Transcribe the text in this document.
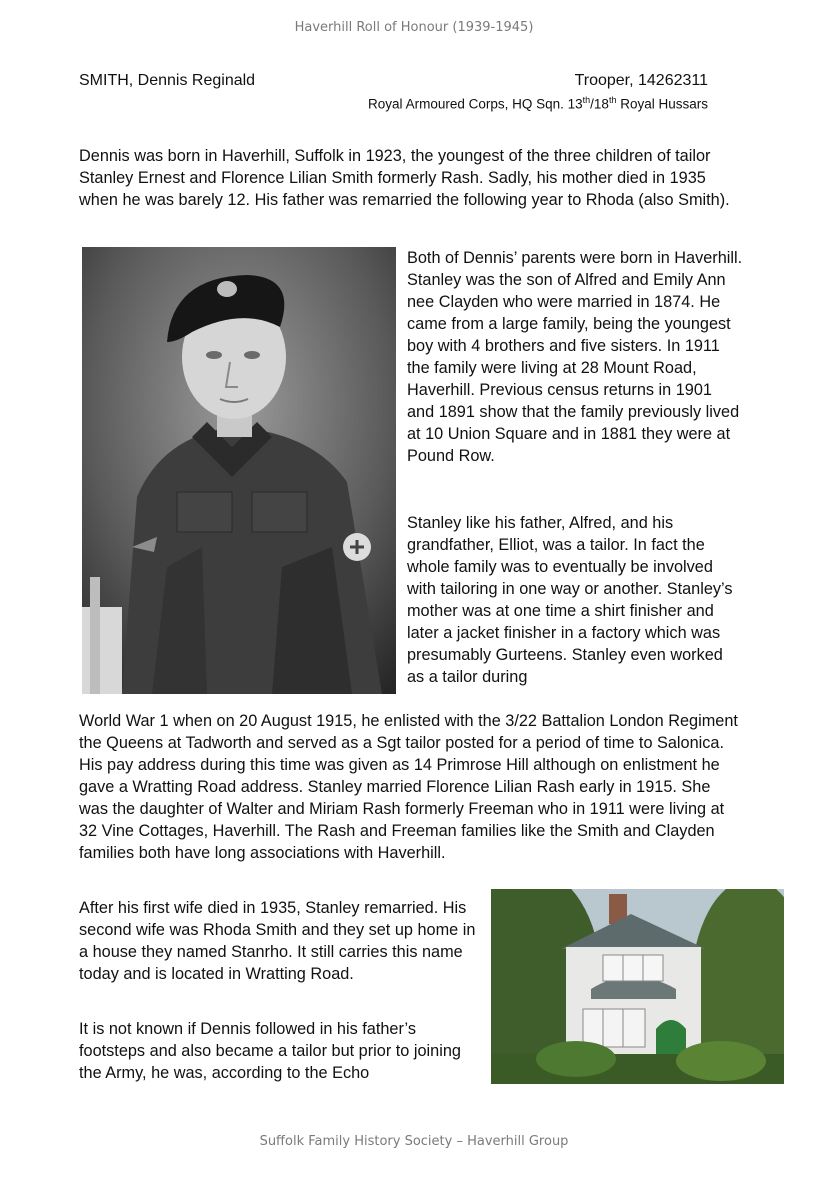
Haverhill Roll of Honour (1939-1945)
SMITH, Dennis Reginald	Trooper, 14262311
Royal Armoured Corps, HQ Sqn. 13th/18th Royal Hussars

Dennis was born in Haverhill, Suffolk in 1923, the youngest of the three children of tailor Stanley Ernest and Florence Lilian Smith formerly Rash. Sadly, his mother died in 1935 when he was barely 12. His father was remarried the following year to Rhoda (also Smith).

Both of Dennis’ parents were born in Haverhill. Stanley was the son of Alfred and Emily Ann nee Clayden who were married in 1874. He came from a large family, being the youngest boy with 4 brothers and five sisters. In 1911 the family were living at 28 Mount Road, Haverhill. Previous census returns in 1901 and 1891 show that the family previously lived at 10 Union Square and in 1881 they were at Pound Row.

Stanley like his father, Alfred, and his grandfather, Elliot, was a tailor. In fact the whole family was to eventually be involved with tailoring in one way or another. Stanley’s mother was at one time a shirt finisher and later a jacket finisher in a factory which was presumably Gurteens. Stanley even worked as a tailor during

World War 1 when on 20 August 1915, he enlisted with the 3/22 Battalion London Regiment the Queens at Tadworth and served as a Sgt tailor posted for a period of time to Salonica. His pay address during this time was given as 14 Primrose Hill although on enlistment he gave a Wratting Road address. Stanley married Florence Lilian Rash early in 1915. She was the daughter of Walter and Miriam Rash formerly Freeman who in 1911 were living at 32 Vine Cottages, Haverhill. The Rash and Freeman families like the Smith and Clayden families both have long associations with Haverhill.

After his first wife died in 1935, Stanley remarried. His second wife was Rhoda Smith and they set up home in a house they named Stanrho. It still carries this name today and is located in Wratting Road.

It is not known if Dennis followed in his father’s footsteps and also became a tailor but prior to joining the Army, he was, according to the Echo

Suffolk Family History Society – Haverhill Group
